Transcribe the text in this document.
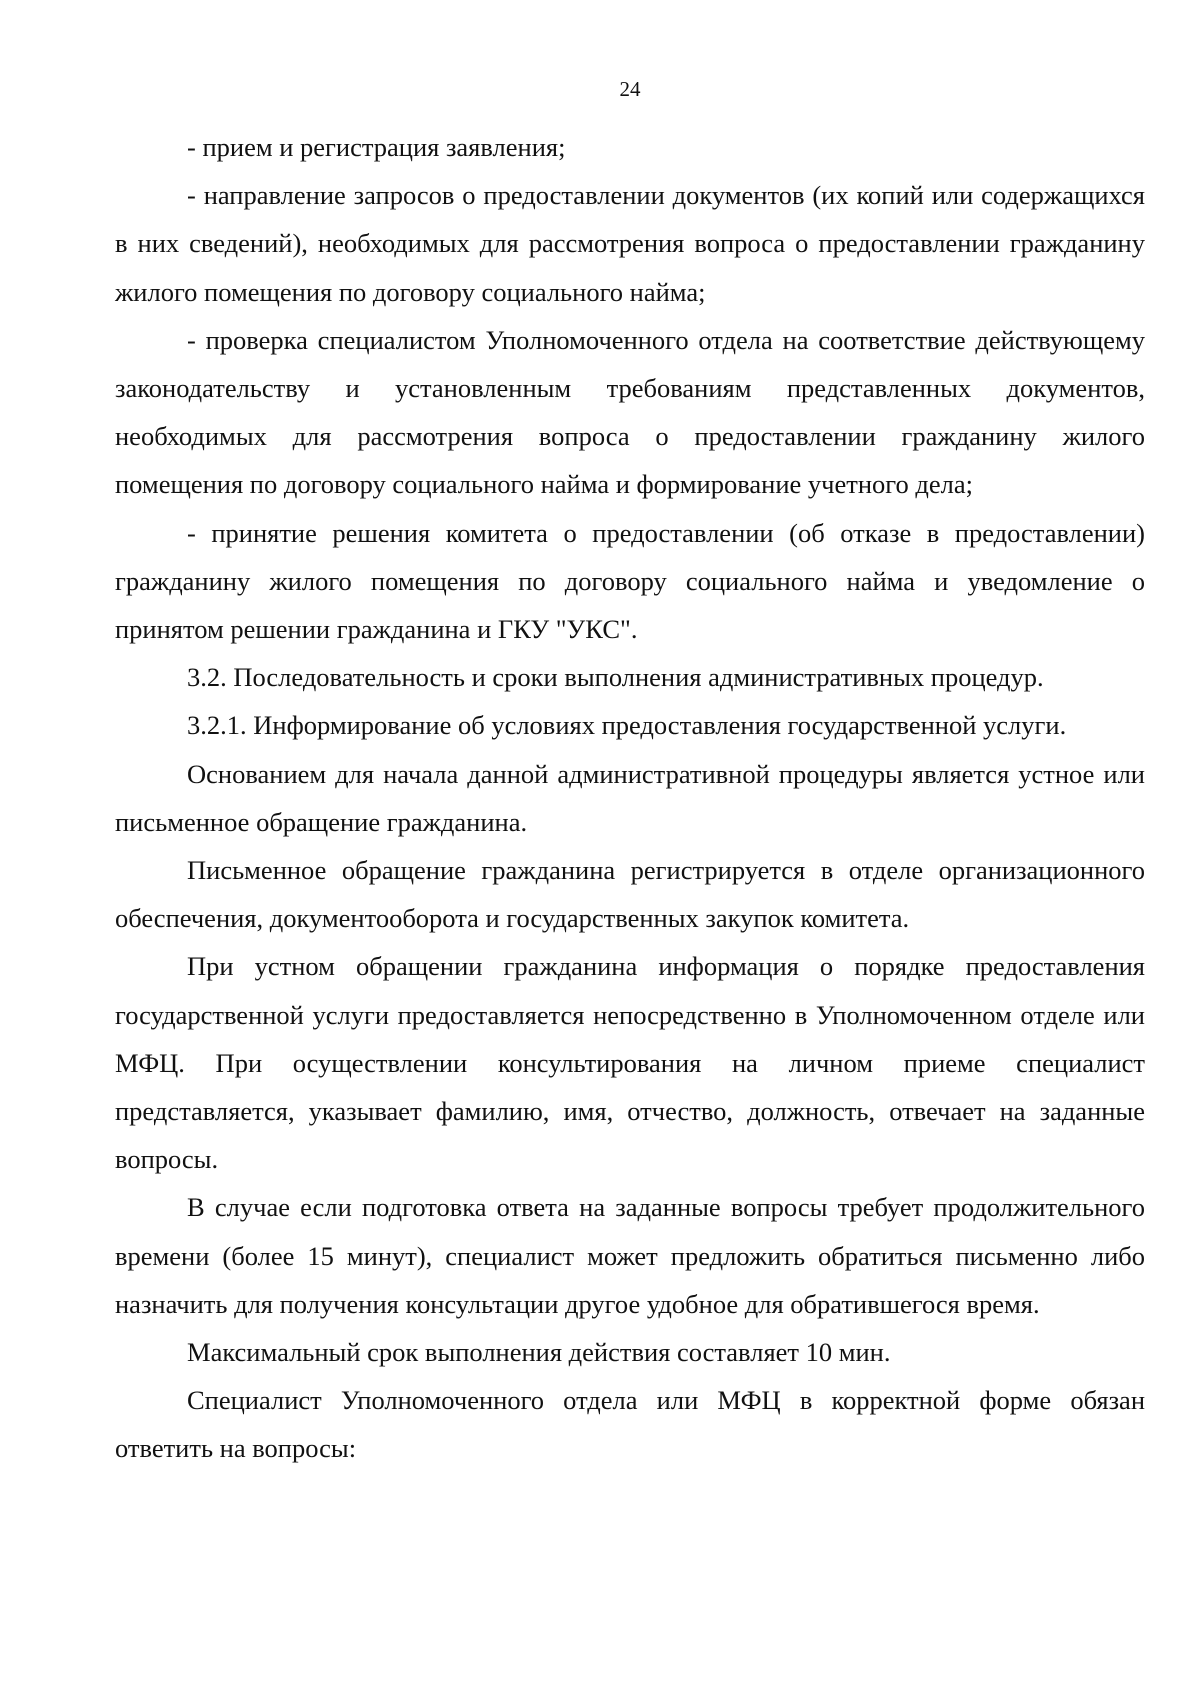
24

- прием и регистрация заявления;

- направление запросов о предоставлении документов (их копий или содержащихся в них сведений), необходимых для рассмотрения вопроса о предоставлении гражданину жилого помещения по договору социального найма;

- проверка специалистом Уполномоченного отдела на соответствие действующему законодательству и установленным требованиям представленных документов, необходимых для рассмотрения вопроса о предоставлении гражданину жилого помещения по договору социального найма и формирование учетного дела;

- принятие решения комитета о предоставлении (об отказе в предоставлении) гражданину жилого помещения по договору социального найма и уведомление о принятом решении гражданина и ГКУ "УКС".

3.2. Последовательность и сроки выполнения административных процедур.

3.2.1. Информирование об условиях предоставления государственной услуги.

Основанием для начала данной административной процедуры является устное или письменное обращение гражданина.

Письменное обращение гражданина регистрируется в отделе организационного обеспечения, документооборота и государственных закупок комитета.

При устном обращении гражданина информация о порядке предоставления государственной услуги предоставляется непосредственно в Уполномоченном отделе или МФЦ. При осуществлении консультирования на личном приеме специалист представляется, указывает фамилию, имя, отчество, должность, отвечает на заданные вопросы.

В случае если подготовка ответа на заданные вопросы требует продолжительного времени (более 15 минут), специалист может предложить обратиться письменно либо назначить для получения консультации другое удобное для обратившегося время.

Максимальный срок выполнения действия составляет 10 мин.

Специалист Уполномоченного отдела или МФЦ в корректной форме обязан ответить на вопросы:
